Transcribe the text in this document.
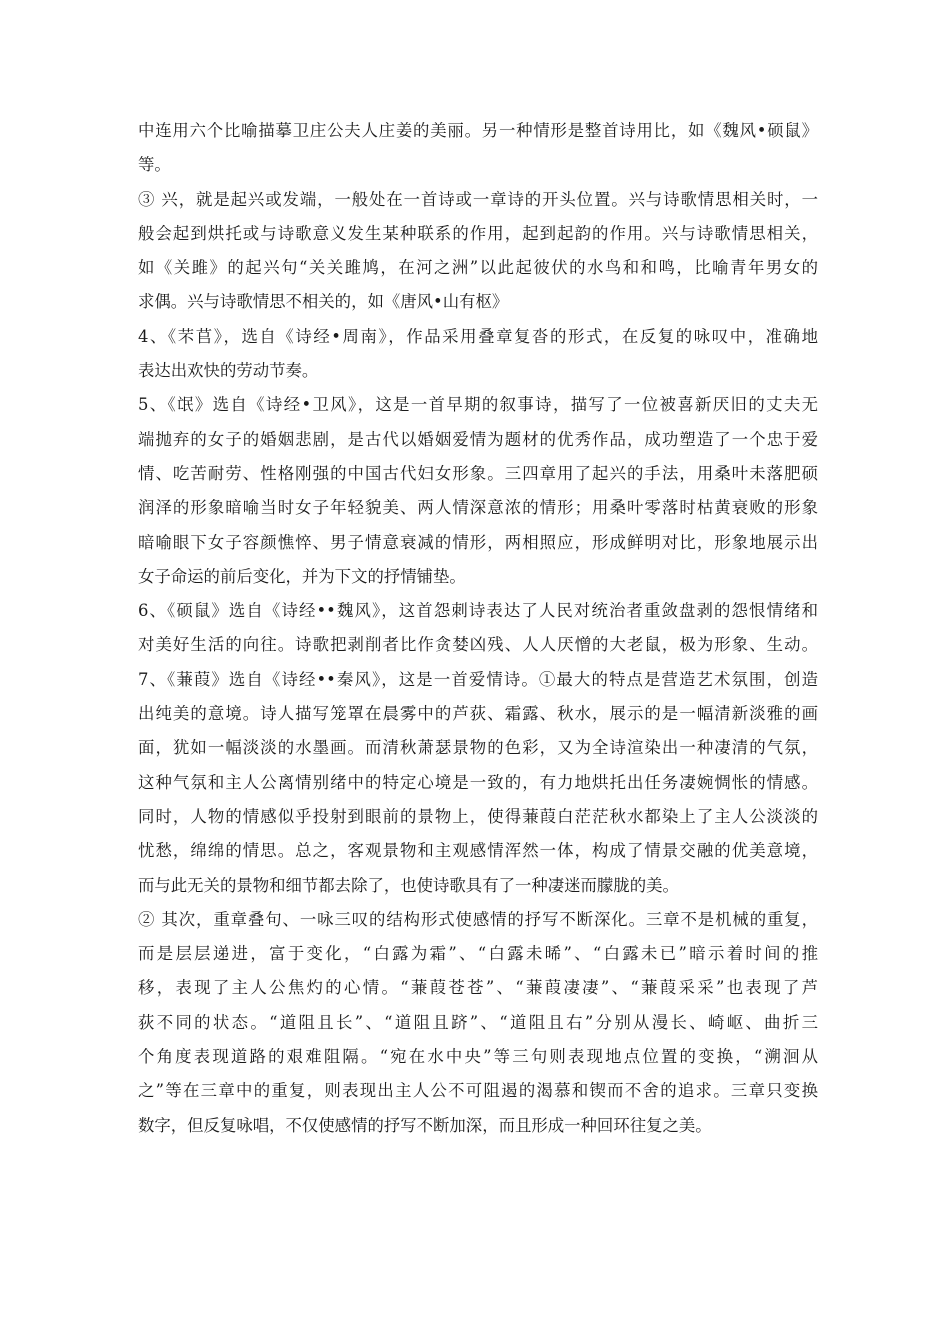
中连用六个比喻描摹卫庄公夫人庄姜的美丽。另一种情形是整首诗用比，如《魏风•硕鼠》
等。
③ 兴，就是起兴或发端，一般处在一首诗或一章诗的开头位置。兴与诗歌情思相关时，一
般会起到烘托或与诗歌意义发生某种联系的作用，起到起韵的作用。兴与诗歌情思相关，
如《关雎》的起兴句“关关雎鸠，在河之洲”以此起彼伏的水鸟和和鸣，比喻青年男女的
求偶。兴与诗歌情思不相关的，如《唐风•山有枢》
4、《芣苢》，选自《诗经•周南》，作品采用叠章复沓的形式，在反复的咏叹中，准确地
表达出欢快的劳动节奏。
5、《氓》选自《诗经•卫风》，这是一首早期的叙事诗，描写了一位被喜新厌旧的丈夫无
端抛弃的女子的婚姻悲剧，是古代以婚姻爱情为题材的优秀作品，成功塑造了一个忠于爱
情、吃苦耐劳、性格刚强的中国古代妇女形象。三四章用了起兴的手法，用桑叶未落肥硕
润泽的形象暗喻当时女子年轻貌美、两人情深意浓的情形；用桑叶零落时枯黄衰败的形象
暗喻眼下女子容颜憔悴、男子情意衰减的情形，两相照应，形成鲜明对比，形象地展示出
女子命运的前后变化，并为下文的抒情铺垫。
6、《硕鼠》选自《诗经••魏风》，这首怨刺诗表达了人民对统治者重敛盘剥的怨恨情绪和
对美好生活的向往。诗歌把剥削者比作贪婪凶残、人人厌憎的大老鼠，极为形象、生动。
7、《蒹葭》选自《诗经••秦风》，这是一首爱情诗。①最大的特点是营造艺术氛围，创造
出纯美的意境。诗人描写笼罩在晨雾中的芦荻、霜露、秋水，展示的是一幅清新淡雅的画
面，犹如一幅淡淡的水墨画。而清秋萧瑟景物的色彩，又为全诗渲染出一种凄清的气氛，
这种气氛和主人公离情别绪中的特定心境是一致的，有力地烘托出任务凄婉惆怅的情感。
同时，人物的情感似乎投射到眼前的景物上，使得蒹葭白茫茫秋水都染上了主人公淡淡的
忧愁，绵绵的情思。总之，客观景物和主观感情浑然一体，构成了情景交融的优美意境，
而与此无关的景物和细节都去除了，也使诗歌具有了一种凄迷而朦胧的美。
② 其次，重章叠句、一咏三叹的结构形式使感情的抒写不断深化。三章不是机械的重复，
而是层层递进，富于变化，“白露为霜”、“白露未晞”、“白露未已”暗示着时间的推
移，表现了主人公焦灼的心情。“蒹葭苍苍”、“蒹葭凄凄”、“蒹葭采采”也表现了芦
荻不同的状态。“道阻且长”、“道阻且跻”、“道阻且右”分别从漫长、崎岖、曲折三
个角度表现道路的艰难阻隔。“宛在水中央”等三句则表现地点位置的变换，“溯洄从
之”等在三章中的重复，则表现出主人公不可阻遏的渴慕和锲而不舍的追求。三章只变换
数字，但反复咏唱，不仅使感情的抒写不断加深，而且形成一种回环往复之美。
